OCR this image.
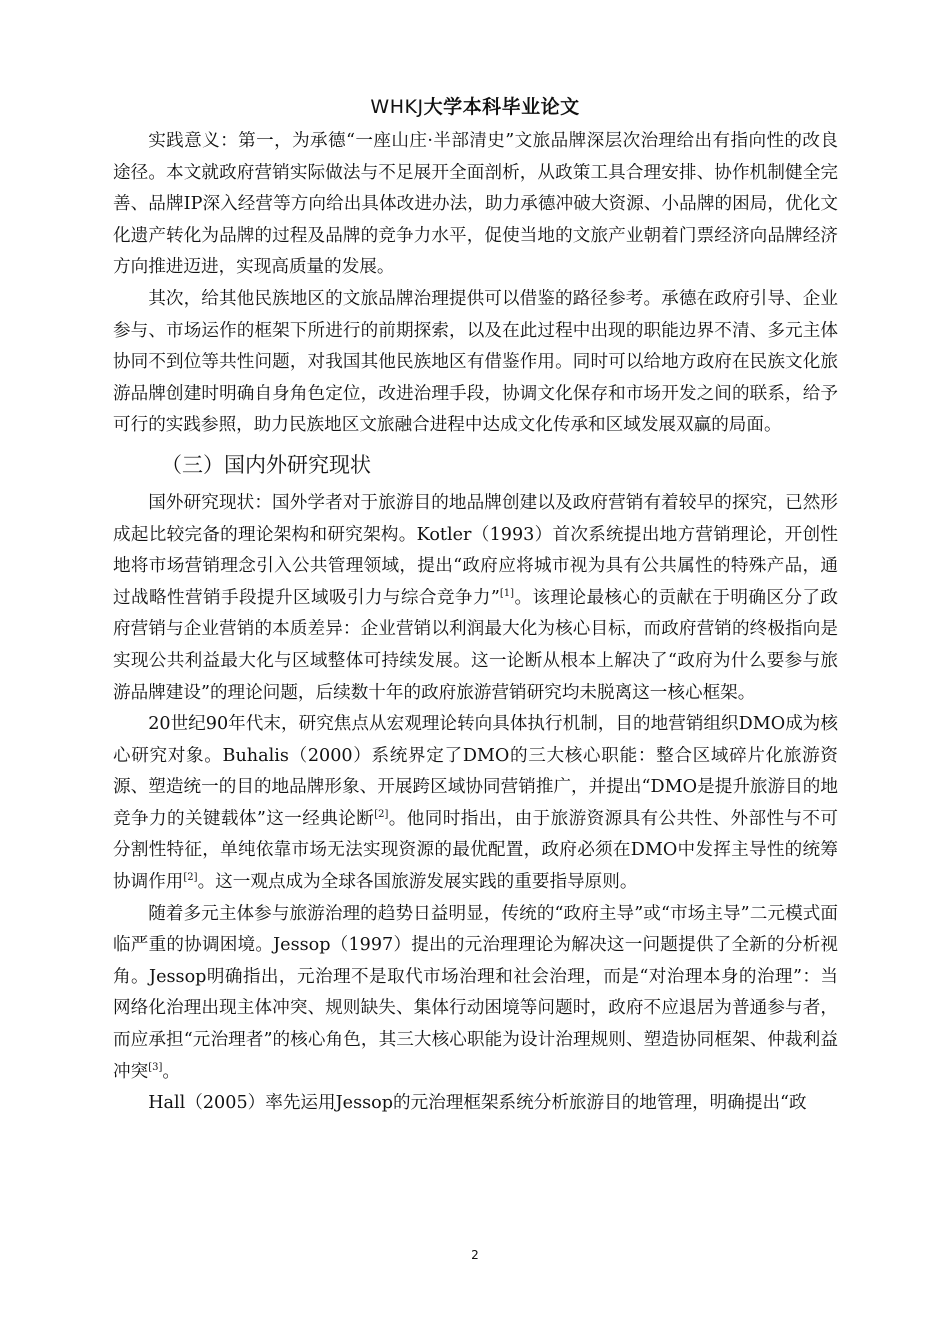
WHKJ大学本科毕业论文

实践意义：第一，为承德“一座山庄·半部清史”文旅品牌深层次治理给出有指向性的改良途径。本文就政府营销实际做法与不足展开全面剖析，从政策工具合理安排、协作机制健全完善、品牌IP深入经营等方向给出具体改进办法，助力承德冲破大资源、小品牌的困局，优化文化遗产转化为品牌的过程及品牌的竞争力水平，促使当地的文旅产业朝着门票经济向品牌经济方向推进迈进，实现高质量的发展。

其次，给其他民族地区的文旅品牌治理提供可以借鉴的路径参考。承德在政府引导、企业参与、市场运作的框架下所进行的前期探索，以及在此过程中出现的职能边界不清、多元主体协同不到位等共性问题，对我国其他民族地区有借鉴作用。同时可以给地方政府在民族文化旅游品牌创建时明确自身角色定位，改进治理手段，协调文化保存和市场开发之间的联系，给予可行的实践参照，助力民族地区文旅融合进程中达成文化传承和区域发展双赢的局面。

（三）国内外研究现状

国外研究现状：国外学者对于旅游目的地品牌创建以及政府营销有着较早的探究，已然形成起比较完备的理论架构和研究架构。Kotler（1993）首次系统提出地方营销理论，开创性地将市场营销理念引入公共管理领域，提出“政府应将城市视为具有公共属性的特殊产品，通过战略性营销手段提升区域吸引力与综合竞争力”[1]。该理论最核心的贡献在于明确区分了政府营销与企业营销的本质差异：企业营销以利润最大化为核心目标，而政府营销的终极指向是实现公共利益最大化与区域整体可持续发展。这一论断从根本上解决了“政府为什么要参与旅游品牌建设”的理论问题，后续数十年的政府旅游营销研究均未脱离这一核心框架。

20世纪90年代末，研究焦点从宏观理论转向具体执行机制，目的地营销组织DMO成为核心研究对象。Buhalis（2000）系统界定了DMO的三大核心职能：整合区域碎片化旅游资源、塑造统一的目的地品牌形象、开展跨区域协同营销推广，并提出“DMO是提升旅游目的地竞争力的关键载体”这一经典论断[2]。他同时指出，由于旅游资源具有公共性、外部性与不可分割性特征，单纯依靠市场无法实现资源的最优配置，政府必须在DMO中发挥主导性的统筹协调作用[2]。这一观点成为全球各国旅游发展实践的重要指导原则。

随着多元主体参与旅游治理的趋势日益明显，传统的“政府主导”或“市场主导”二元模式面临严重的协调困境。Jessop（1997）提出的元治理理论为解决这一问题提供了全新的分析视角。Jessop明确指出，元治理不是取代市场治理和社会治理，而是“对治理本身的治理”：当网络化治理出现主体冲突、规则缺失、集体行动困境等问题时，政府不应退居为普通参与者，而应承担“元治理者”的核心角色，其三大核心职能为设计治理规则、塑造协同框架、仲裁利益冲突[3]。

Hall（2005）率先运用Jessop的元治理框架系统分析旅游目的地管理，明确提出“政

2
